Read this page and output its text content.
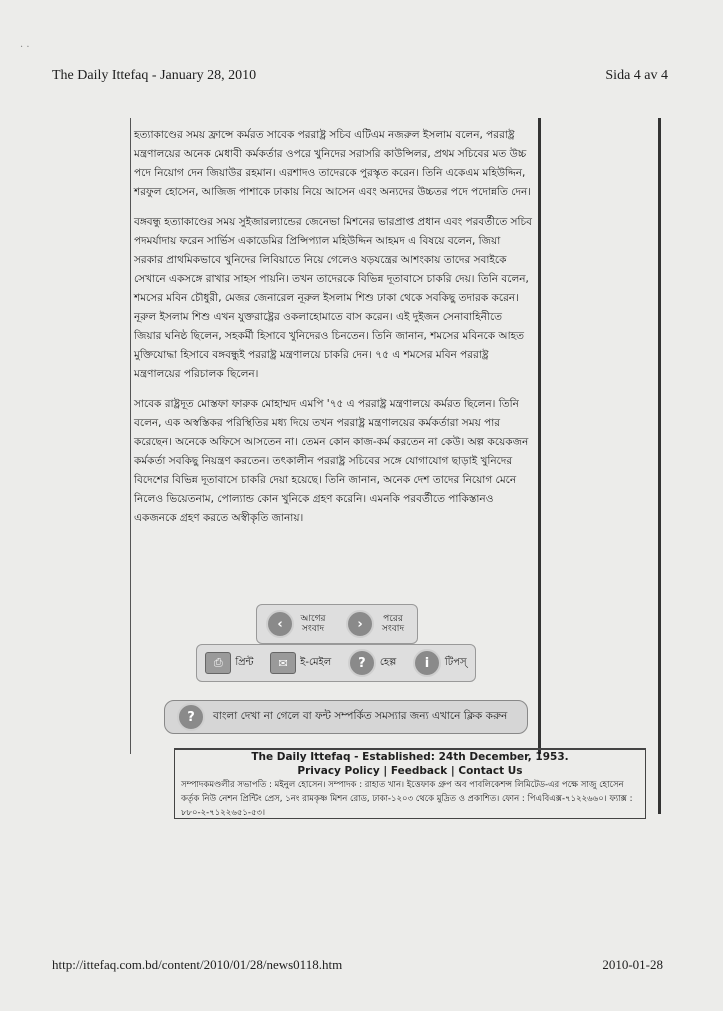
· ·
The Daily Ittefaq - January 28, 2010	Sida 4 av 4

হত্যাকাণ্ডের সময় ফ্রান্সে কর্মরত সাবেক পররাষ্ট্র সচিব এটিএম নজরুল ইসলাম বলেন, পররাষ্ট্র মন্ত্রণালয়ের অনেক মেধাবী কর্মকর্তার ওপরে খুনিদের সরাসরি কাউন্সিলর, প্রথম সচিবের মত উচ্চ পদে নিয়োগ দেন জিয়াউর রহমান। এরশাদও তাদেরকে পুরস্কৃত করেন। তিনি একেএম মহিউদ্দিন, শরফুল হোসেন, আজিজ পাশাকে ঢাকায় নিয়ে আসেন এবং অন্যদের উচ্চতর পদে পদোন্নতি দেন।

বঙ্গবন্ধু হত্যাকাণ্ডের সময় সুইজারল্যান্ডের জেনেভা মিশনের ভারপ্রাপ্ত প্রধান এবং পরবর্তীতে সচিব পদমর্যাদায় ফরেন সার্ভিস একাডেমির প্রিন্সিপ্যাল মহিউদ্দিন আহমদ এ বিষয়ে বলেন, জিয়া সরকার প্রাথমিকভাবে খুনিদের লিবিয়াতে নিয়ে গেলেও ষড়যন্ত্রের আশংকায় তাদের সবাইকে সেখানে একসঙ্গে রাখার সাহস পায়নি। তখন তাদেরকে বিভিন্ন দূতাবাসে চাকরি দেয়। তিনি বলেন, শমসের মবিন চৌধুরী, মেজর জেনারেল নূরুল ইসলাম শিশু ঢাকা থেকে সবকিছু তদারক করেন। নূরুল ইসলাম শিশু এখন যুক্তরাষ্ট্রের ওকলাহোমাতে বাস করেন। এই দুইজন সেনাবাহিনীতে জিয়ার ঘনিষ্ঠ ছিলেন, সহকর্মী হিসাবে খুনিদেরও চিনতেন। তিনি জানান, শমসের মবিনকে আহত মুক্তিযোদ্ধা হিসাবে বঙ্গবন্ধুই পররাষ্ট্র মন্ত্রণালয়ে চাকরি দেন। ৭৫ এ শমসের মবিন পররাষ্ট্র মন্ত্রণালয়ের পরিচালক ছিলেন।

সাবেক রাষ্ট্রদূত মোস্তফা ফারুক মোহাম্মদ এমপি '৭৫ এ পররাষ্ট্র মন্ত্রণালয়ে কর্মরত ছিলেন। তিনি বলেন, এক অস্বস্তিকর পরিস্থিতির মধ্য দিয়ে তখন পররাষ্ট্র মন্ত্রণালয়ের কর্মকর্তারা সময় পার করেছেন। অনেকে অফিসে আসতেন না। তেমন কোন কাজ-কর্ম করতেন না কেউ। অল্প কয়েকজন কর্মকর্তা সবকিছু নিয়ন্ত্রণ করতেন। তৎকালীন পররাষ্ট্র সচিবের সঙ্গে যোগাযোগ ছাড়াই খুনিদের বিদেশের বিভিন্ন দূতাবাসে চাকরি দেয়া হয়েছে। তিনি জানান, অনেক দেশ তাদের নিয়োগ মেনে নিলেও ভিয়েতনাম, পোল্যান্ড কোন খুনিকে গ্রহণ করেনি। এমনকি পরবর্তীতে পাকিস্তানও একজনকে গ্রহণ করতে অস্বীকৃতি জানায়।

‹	আগের সংবাদ	›	পরের সংবাদ
⎙	প্রিন্ট	✉	ই-মেইল	?	হেল্প	i	টিপস্
?	বাংলা দেখা না গেলে বা ফন্ট সম্পর্কিত সমস্যার জন্য এখানে ক্লিক করুন
The Daily Ittefaq - Established: 24th December, 1953.
Privacy Policy | Feedback | Contact Us
সম্পাদকমণ্ডলীর সভাপতি : মইনুল হোসেন। সম্পাদক : রাহাত খান। ইত্তেফাক গ্রুপ অব পাবলিকেশন্স লিমিটেড-এর পক্ষে সাজু হোসেন কর্তৃক নিউ নেশন প্রিন্টিং প্রেস, ১নং রামকৃষ্ণ মিশন রোড, ঢাকা-১২০৩ থেকে মুদ্রিত ও প্রকাশিত। ফোন : পিএবিএক্স-৭১২২৬৬০। ফ্যাক্স : ৮৮০-২-৭১২২৬৫১-৫৩।
http://ittefaq.com.bd/content/2010/01/28/news0118.htm	2010-01-28
